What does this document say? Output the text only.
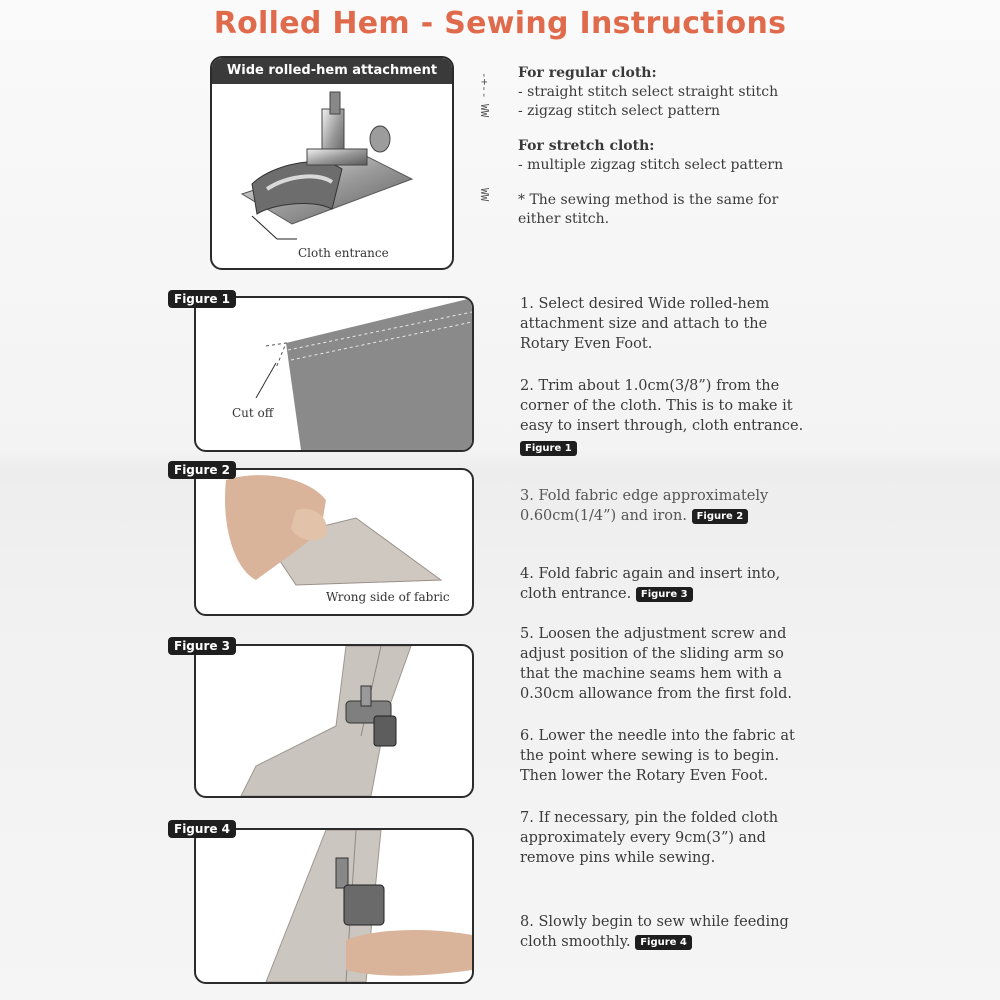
Rolled Hem - Sewing Instructions
Wide rolled-hem attachment
Cloth entrance
-+--
WW
WW
For regular cloth:
- straight stitch select straight stitch
- zigzag stitch select pattern
For stretch cloth:
- multiple zigzag stitch select pattern
* The sewing method is the same for
either stitch.
Cut off
Figure 1
Wrong side of fabric
Figure 2
Figure 3
Figure 4
1. Select desired Wide rolled-hem
attachment size and attach to the
Rotary Even Foot.
2. Trim about 1.0cm(3/8”) from the
corner of the cloth. This is to make it
easy to insert through, cloth entrance.
Figure 1
3. Fold fabric edge approximately
0.60cm(1/4”) and iron. Figure 2
4. Fold fabric again and insert into,
cloth entrance. Figure 3
5. Loosen the adjustment screw and
adjust position of the sliding arm so
that the machine seams hem with a
0.30cm allowance from the first fold.
6. Lower the needle into the fabric at
the point where sewing is to begin.
Then lower the Rotary Even Foot.
7. If necessary, pin the folded cloth
approximately every 9cm(3”) and
remove pins while sewing.
8. Slowly begin to sew while feeding
cloth smoothly. Figure 4
